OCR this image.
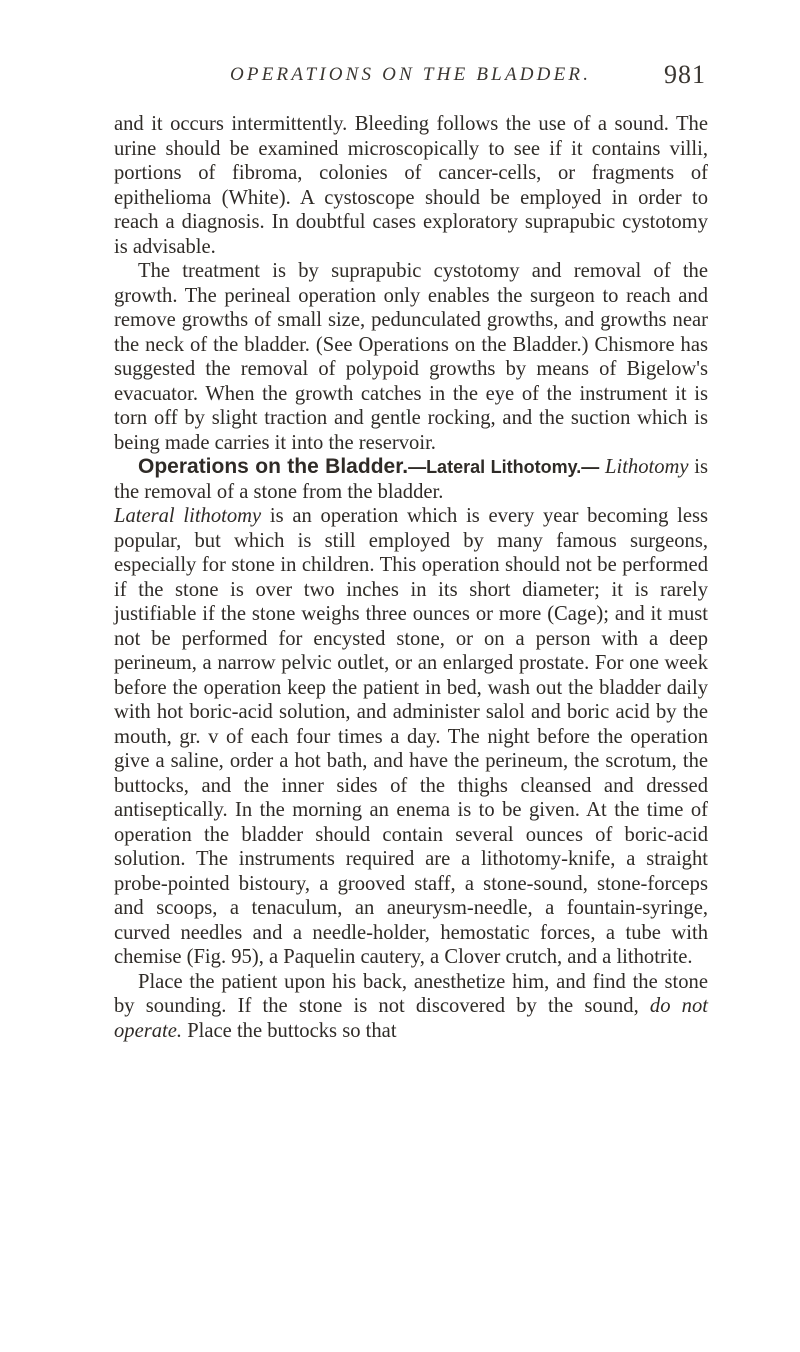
OPERATIONS ON THE BLADDER.	981

and it occurs intermittently. Bleeding follows the use of a sound. The urine should be examined microscopically to see if it contains villi, portions of fibroma, colonies of cancer-cells, or fragments of epithelioma (White). A cystoscope should be employed in order to reach a diagnosis. In doubtful cases exploratory suprapubic cystotomy is advisable.

The treatment is by suprapubic cystotomy and removal of the growth. The perineal operation only enables the surgeon to reach and remove growths of small size, pedunculated growths, and growths near the neck of the bladder. (See Operations on the Bladder.) Chismore has suggested the removal of polypoid growths by means of Bigelow's evacuator. When the growth catches in the eye of the instrument it is torn off by slight traction and gentle rocking, and the suction which is being made carries it into the reservoir.

Operations on the Bladder.—Lateral Lithotomy.— Lithotomy is the removal of a stone from the bladder.

Lateral lithotomy is an operation which is every year becoming less popular, but which is still employed by many famous surgeons, especially for stone in children. This operation should not be performed if the stone is over two inches in its short diameter; it is rarely justifiable if the stone weighs three ounces or more (Cage); and it must not be performed for encysted stone, or on a person with a deep perineum, a narrow pelvic outlet, or an enlarged prostate. For one week before the operation keep the patient in bed, wash out the bladder daily with hot boric-acid solution, and administer salol and boric acid by the mouth, gr. v of each four times a day. The night before the operation give a saline, order a hot bath, and have the perineum, the scrotum, the buttocks, and the inner sides of the thighs cleansed and dressed antiseptically. In the morning an enema is to be given. At the time of operation the bladder should contain several ounces of boric-acid solution. The instruments required are a lithotomy-knife, a straight probe-pointed bistoury, a grooved staff, a stone-sound, stone-forceps and scoops, a tenaculum, an aneurysm-needle, a fountain-syringe, curved needles and a needle-holder, hemostatic forces, a tube with chemise (Fig. 95), a Paquelin cautery, a Clover crutch, and a lithotrite.

Place the patient upon his back, anesthetize him, and find the stone by sounding. If the stone is not discovered by the sound, do not operate. Place the buttocks so that
